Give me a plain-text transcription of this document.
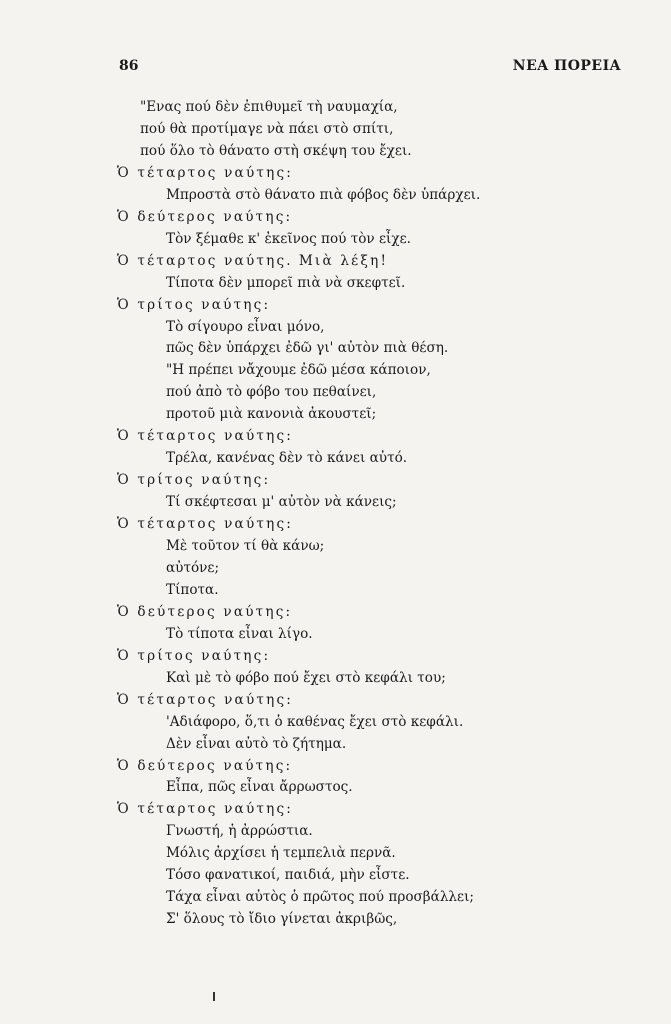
86	ΝΕΑ ΠΟΡΕΙΑ
"Ενας πού δὲν ἐπιθυμεῖ τὴ ναυμαχία,
πού θὰ προτίμαγε νὰ πάει στὸ σπίτι,
πού ὅλο τὸ θάνατο στὴ σκέψη του ἔχει.
Ὁ τέταρτος ναύτης:
Μπροστὰ στὸ θάνατο πιὰ φόβος δὲν ὑπάρχει.
Ὁ δεύτερος ναύτης:
Τὸν ξέμαθε κ' ἐκεῖνος πού τὸν εἶχε.
Ὁ τέταρτος ναύτης. Μιὰ λέξη!
Τίποτα δὲν μπορεῖ πιὰ νὰ σκεφτεῖ.
Ὁ τρίτος ναύτης:
Τὸ σίγουρο εἶναι μόνο,
πῶς δὲν ὑπάρχει ἐδῶ γι' αὐτὸν πιὰ θέση.
"Η πρέπει νἄχουμε ἐδῶ μέσα κάποιον,
πού ἀπὸ τὸ φόβο του πεθαίνει,
προτοῦ μιὰ κανονιὰ ἀκουστεῖ;
Ὁ τέταρτος ναύτης:
Τρέλα, κανένας δὲν τὸ κάνει αὐτό.
Ὁ τρίτος ναύτης:
Τί σκέφτεσαι μ' αὐτὸν νὰ κάνεις;
Ὁ τέταρτος ναύτης:
Μὲ τοῦτον τί θὰ κάνω;
αὐτόνε;
Τίποτα.
Ὁ δεύτερος ναύτης:
Τὸ τίποτα εἶναι λίγο.
Ὁ τρίτος ναύτης:
Καὶ μὲ τὸ φόβο πού ἔχει στὸ κεφάλι του;
Ὁ τέταρτος ναύτης:
'Αδιάφορο, ὅ,τι ὁ καθένας ἔχει στὸ κεφάλι.
Δὲν εἶναι αὐτὸ τὸ ζήτημα.
Ὁ δεύτερος ναύτης:
Εἶπα, πῶς εἶναι ἄρρωστος.
Ὁ τέταρτος ναύτης:
Γνωστή, ἡ ἀρρώστια.
Μόλις ἀρχίσει ἡ τεμπελιὰ περνᾶ.
Τόσο φανατικοί, παιδιά, μὴν εἶστε.
Τάχα εἶναι αὐτὸς ὁ πρῶτος πού προσβάλλει;
Σ' ὅλους τὸ ἴδιο γίνεται ἀκριβῶς,
